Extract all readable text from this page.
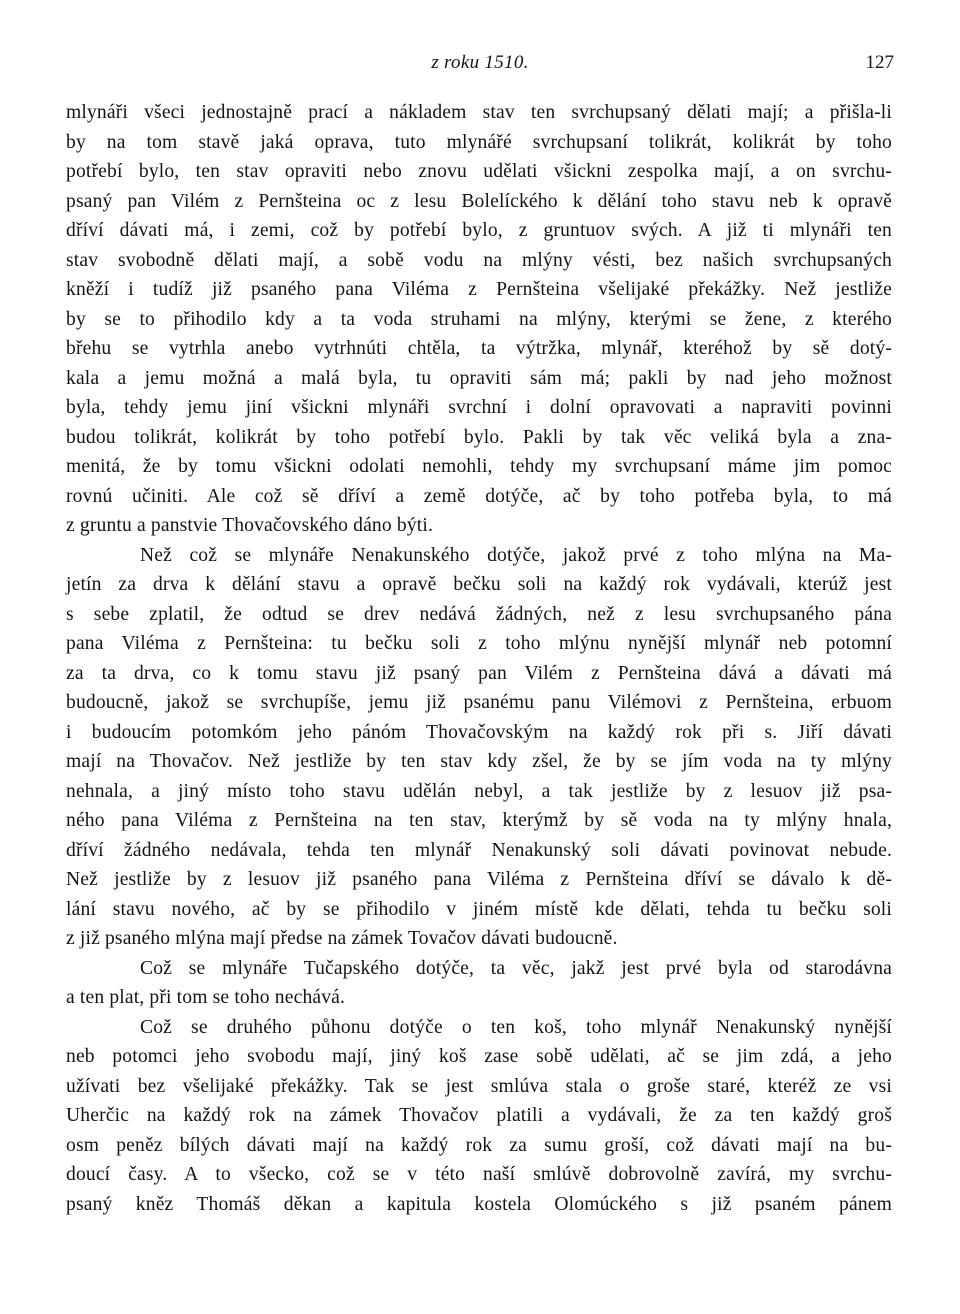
z roku 1510.	127
mlynáři všeci jednostajně prací a nákladem stav ten svrchupsaný dělati mají; a přišla-li
by na tom stavě jaká oprava, tuto mlynářé svrchupsaní tolikrát, kolikrát by toho
potřebí bylo, ten stav opraviti nebo znovu udělati všickni zespolka mají, a on svrchu-
psaný pan Vilém z Pernšteina oc z lesu Bolelíckého k dělání toho stavu neb k opravě
dříví dávati má, i zemi, což by potřebí bylo, z gruntuov svých. A již ti mlynáři ten
stav svobodně dělati mají, a sobě vodu na mlýny vésti, bez našich svrchupsaných
kněží i tudíž již psaného pana Viléma z Pernšteina všelijaké překážky. Než jestliže
by se to přihodilo kdy a ta voda struhami na mlýny, kterými se žene, z kterého
břehu se vytrhla anebo vytrhnúti chtěla, ta výtržka, mlynář, kteréhož by sě dotý-
kala a jemu možná a malá byla, tu opraviti sám má; pakli by nad jeho možnost
byla, tehdy jemu jiní všickni mlynáři svrchní i dolní opravovati a napraviti povinni
budou tolikrát, kolikrát by toho potřebí bylo. Pakli by tak věc veliká byla a zna-
menitá, že by tomu všickni odolati nemohli, tehdy my svrchupsaní máme jim pomoc
rovnú učiniti. Ale což sě dříví a země dotýče, ač by toho potřeba byla, to má
z gruntu a panstvie Thovačovského dáno býti.
Než což se mlynáře Nenakunského dotýče, jakož prvé z toho mlýna na Ma-
jetín za drva k dělání stavu a opravě bečku soli na každý rok vydávali, kterúž jest
s sebe zplatil, že odtud se drev nedává žádných, než z lesu svrchupsaného pána
pana Viléma z Pernšteina: tu bečku soli z toho mlýnu nynější mlynář neb potomní
za ta drva, co k tomu stavu již psaný pan Vilém z Pernšteina dává a dávati má
budoucně, jakož se svrchupíše, jemu již psanému panu Vilémovi z Pernšteina, erbuom
i budoucím potomkóm jeho pánóm Thovačovským na každý rok při s. Jiří dávati
mají na Thovačov. Než jestliže by ten stav kdy zšel, že by se jím voda na ty mlýny
nehnala, a jiný místo toho stavu udělán nebyl, a tak jestliže by z lesuov již psa-
ného pana Viléma z Pernšteina na ten stav, kterýmž by sě voda na ty mlýny hnala,
dříví žádného nedávala, tehda ten mlynář Nenakunský soli dávati povinovat nebude.
Než jestliže by z lesuov již psaného pana Viléma z Pernšteina dříví se dávalo k dě-
lání stavu nového, ač by se přihodilo v jiném místě kde dělati, tehda tu bečku soli
z již psaného mlýna mají předse na zámek Tovačov dávati budoucně.
Což se mlynáře Tučapského dotýče, ta věc, jakž jest prvé byla od starodávna
a ten plat, při tom se toho nechává.
Což se druhého půhonu dotýče o ten koš, toho mlynář Nenakunský nynější
neb potomci jeho svobodu mají, jiný koš zase sobě udělati, ač se jim zdá, a jeho
užívati bez všelijaké překážky. Tak se jest smlúva stala o groše staré, kteréž ze vsi
Uherčic na každý rok na zámek Thovačov platili a vydávali, že za ten každý groš
osm peněz bílých dávati mají na každý rok za sumu groší, což dávati mají na bu-
doucí časy. A to všecko, což se v této naší smlúvě dobrovolně zavírá, my svrchu-
psaný kněz Thomáš děkan a kapitula kostela Olomúckého s již psaném pánem
